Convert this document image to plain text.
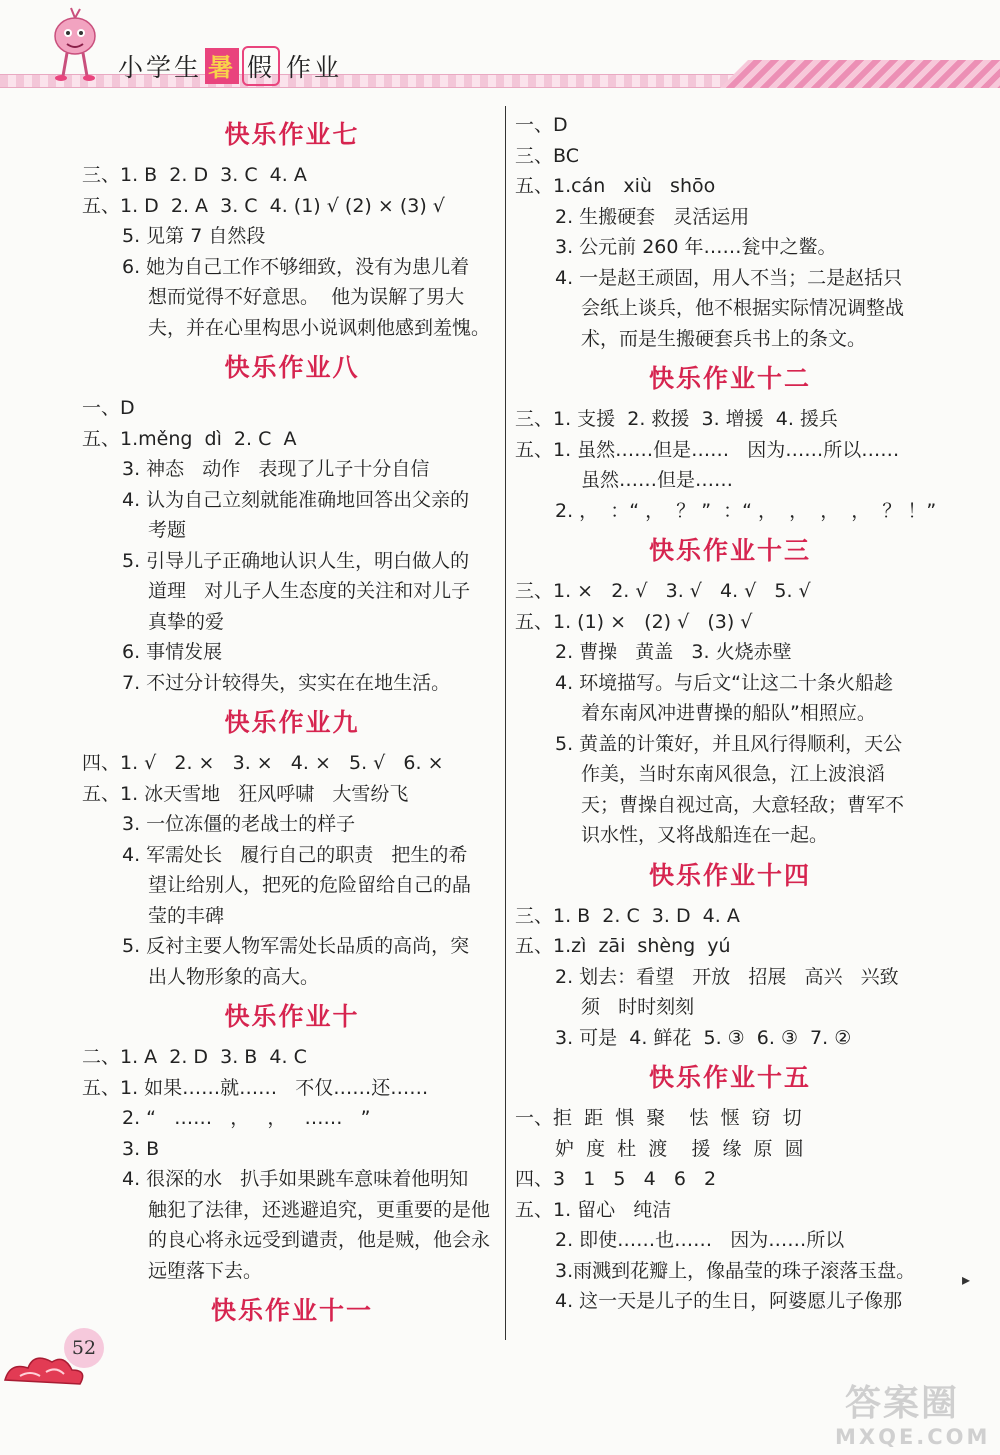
小学生 暑 假 作业
快乐作业七
三、1. B  2. D  3. C  4. A
五、1. D  2. A  3. C  4. (1) √ (2) × (3) √
5. 见第 7 自然段
6. 她为自己工作不够细致，没有为患儿着
想而觉得不好意思。  他为误解了男大
夫，并在心里构思小说讽刺他感到羞愧。
快乐作业八
一、D
五、1.měng  dì  2. C  A
3. 神态   动作   表现了儿子十分自信
4. 认为自己立刻就能准确地回答出父亲的
考题
5. 引导儿子正确地认识人生，明白做人的
道理   对儿子人生态度的关注和对儿子
真挚的爱
6. 事情发展
7. 不过分计较得失，实实在在地生活。
快乐作业九
四、1. √   2. ×   3. ×   4. ×   5. √   6. ×
五、1. 冰天雪地   狂风呼啸   大雪纷飞
3. 一位冻僵的老战士的样子
4. 军需处长   履行自己的职责   把生的希
望让给别人，把死的危险留给自己的晶
莹的丰碑
5. 反衬主要人物军需处长品质的高尚，突
出人物形象的高大。
快乐作业十
二、1. A  2. D  3. B  4. C
五、1. 如果……就……   不仅……还……
2. “   ……   ，   ，   ……   ”
3. B
4. 很深的水   扒手如果跳车意味着他明知
触犯了法律，还逃避追究，更重要的是他
的良心将永远受到谴责，他是贼，他会永
远堕落下去。
快乐作业十一
一、D
三、BC
五、1.cán   xiù   shōo
2. 生搬硬套   灵活运用
3. 公元前 260 年……瓮中之鳖。
4. 一是赵王顽固，用人不当；二是赵括只
会纸上谈兵，他不根据实际情况调整战
术，而是生搬硬套兵书上的条文。
快乐作业十二
三、1. 支援  2. 救援  3. 增援  4. 援兵
五、1. 虽然……但是……   因为……所以……
虽然……但是……
2. ，  ：“ ，  ？ ”  ：“ ，  ，  ，  ，  ？ ！”
快乐作业十三
三、1. ×   2. √   3. √   4. √   5. √
五、1. (1) ×   (2) √   (3) √
2. 曹操   黄盖   3. 火烧赤壁
4. 环境描写。与后文“让这二十条火船趁
着东南风冲进曹操的船队”相照应。
5. 黄盖的计策好，并且风行得顺利，天公
作美，当时东南风很急，江上波浪滔
天；曹操自视过高，大意轻敌；曹军不
识水性，又将战船连在一起。
快乐作业十四
三、1. B  2. C  3. D  4. A
五、1.zì  zāi  shèng  yú
2. 划去：看望   开放   招展   高兴   兴致
须   时时刻刻
3. 可是  4. 鲜花  5. ③  6. ③  7. ②
快乐作业十五
一、拒  距  惧  聚    怯  惬  窃  切
妒  度  杜  渡    援  缘  原  圆
四、3   1   5   4   6   2
五、1. 留心   纯洁
2. 即使……也……   因为……所以
3.雨溅到花瓣上，像晶莹的珠子滚落玉盘。
4. 这一天是儿子的生日，阿婆愿儿子像那
▸
52
答案圈
MXQE.COM
